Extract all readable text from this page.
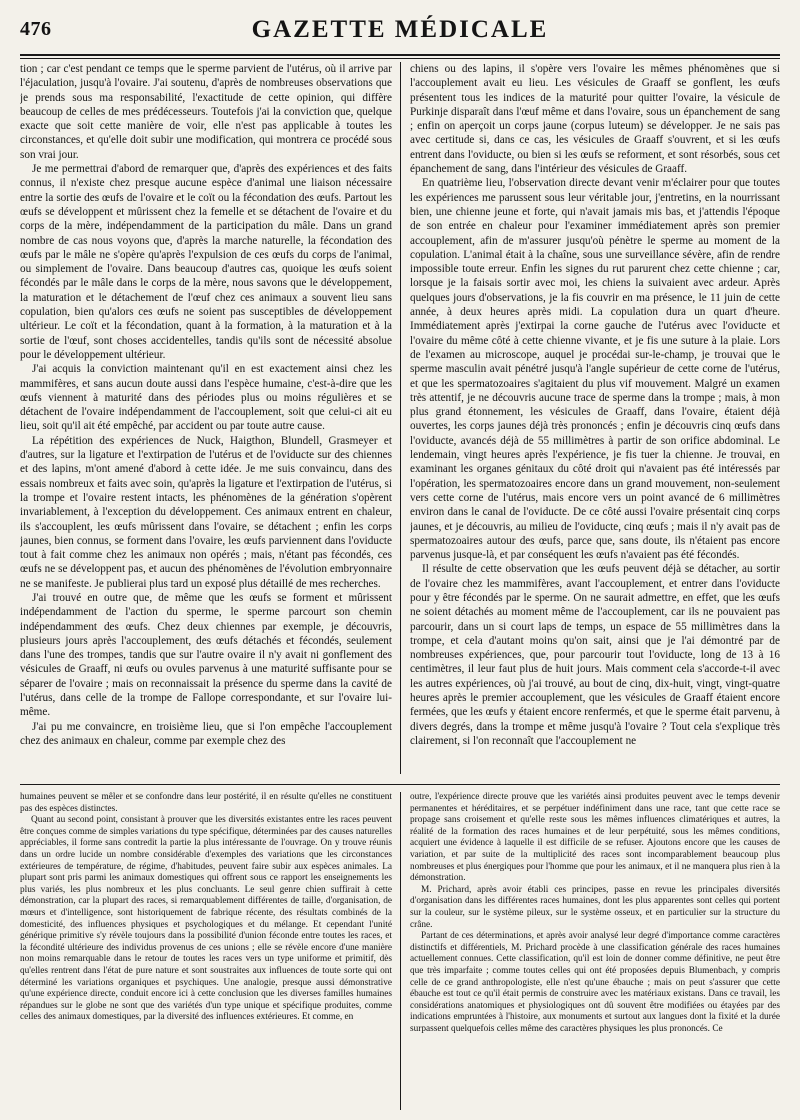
476	GAZETTE MÉDICALE

tion ; car c'est pendant ce temps que le sperme parvient de l'utérus, où il arrive par l'éjaculation, jusqu'à l'ovaire. J'ai soutenu, d'après de nombreuses observations que je prends sous ma responsabilité, l'exactitude de cette opinion, qui diffère beaucoup de celles de mes prédécesseurs. Toutefois j'ai la conviction que, quelque exacte que soit cette manière de voir, elle n'est pas applicable à toutes les circonstances, et qu'elle doit subir une modification, qui montrera ce procédé sous son vrai jour.

Je me permettrai d'abord de remarquer que, d'après des expériences et des faits connus, il n'existe chez presque aucune espèce d'animal une liaison nécessaire entre la sortie des œufs de l'ovaire et le coït ou la fécondation des œufs. Partout les œufs se développent et mûrissent chez la femelle et se détachent de l'ovaire et du corps de la mère, indépendamment de la participation du mâle. Dans un grand nombre de cas nous voyons que, d'après la marche naturelle, la fécondation des œufs par le mâle ne s'opère qu'après l'expulsion de ces œufs du corps de l'animal, ou simplement de l'ovaire. Dans beaucoup d'autres cas, quoique les œufs soient fécondés par le mâle dans le corps de la mère, nous savons que le développement, la maturation et le détachement de l'œuf chez ces animaux a souvent lieu sans copulation, bien qu'alors ces œufs ne soient pas susceptibles de développement ultérieur. Le coït et la fécondation, quant à la formation, à la maturation et à la sortie de l'œuf, sont choses accidentelles, tandis qu'ils sont de nécessité absolue pour le développement ultérieur.

J'ai acquis la conviction maintenant qu'il en est exactement ainsi chez les mammifères, et sans aucun doute aussi dans l'espèce humaine, c'est-à-dire que les œufs viennent à maturité dans des périodes plus ou moins régulières et se détachent de l'ovaire indépendamment de l'accouplement, soit que celui-ci ait eu lieu, soit qu'il ait été empêché, par accident ou par toute autre cause.

La répétition des expériences de Nuck, Haigthon, Blundell, Grasmeyer et d'autres, sur la ligature et l'extirpation de l'utérus et de l'oviducte sur des chiennes et des lapins, m'ont amené d'abord à cette idée. Je me suis convaincu, dans des essais nombreux et faits avec soin, qu'après la ligature et l'extirpation de l'utérus, si la trompe et l'ovaire restent intacts, les phénomènes de la génération s'opèrent invariablement, à l'exception du développement. Ces animaux entrent en chaleur, ils s'accouplent, les œufs mûrissent dans l'ovaire, se détachent ; enfin les corps jaunes, bien connus, se forment dans l'ovaire, les œufs parviennent dans l'oviducte tout à fait comme chez les animaux non opérés ; mais, n'étant pas fécondés, ces œufs ne se développent pas, et aucun des phénomènes de l'évolution embryonnaire ne se manifeste. Je publierai plus tard un exposé plus détaillé de mes recherches.

J'ai trouvé en outre que, de même que les œufs se forment et mûrissent indépendamment de l'action du sperme, le sperme parcourt son chemin indépendamment des œufs. Chez deux chiennes par exemple, je découvris, plusieurs jours après l'accouplement, des œufs détachés et fécondés, seulement dans l'une des trompes, tandis que sur l'autre ovaire il n'y avait ni gonflement des vésicules de Graaff, ni œufs ou ovules parvenus à une maturité suffisante pour se séparer de l'ovaire ; mais on reconnaissait la présence du sperme dans la cavité de l'utérus, dans celle de la trompe de Fallope correspondante, et sur l'ovaire lui-même.

J'ai pu me convaincre, en troisième lieu, que si l'on empêche l'accouplement chez des animaux en chaleur, comme par exemple chez des

chiens ou des lapins, il s'opère vers l'ovaire les mêmes phénomènes que si l'accouplement avait eu lieu. Les vésicules de Graaff se gonflent, les œufs présentent tous les indices de la maturité pour quitter l'ovaire, la vésicule de Purkinje disparaît dans l'œuf même et dans l'ovaire, sous un épanchement de sang ; enfin on aperçoit un corps jaune (corpus luteum) se développer. Je ne sais pas avec certitude si, dans ce cas, les vésicules de Graaff s'ouvrent, et si les œufs entrent dans l'oviducte, ou bien si les œufs se reforment, et sont résorbés, sous cet épanchement de sang, dans l'intérieur des vésicules de Graaff.

En quatrième lieu, l'observation directe devant venir m'éclairer pour que toutes les expériences me parussent sous leur véritable jour, j'entretins, en la nourrissant bien, une chienne jeune et forte, qui n'avait jamais mis bas, et j'attendis l'époque de son entrée en chaleur pour l'examiner immédiatement après son premier accouplement, afin de m'assurer jusqu'où pénètre le sperme au moment de la copulation. L'animal était à la chaîne, sous une surveillance sévère, afin de rendre impossible toute erreur. Enfin les signes du rut parurent chez cette chienne ; car, lorsque je la faisais sortir avec moi, les chiens la suivaient avec ardeur. Après quelques jours d'observations, je la fis couvrir en ma présence, le 11 juin de cette année, à deux heures après midi. La copulation dura un quart d'heure. Immédiatement après j'extirpai la corne gauche de l'utérus avec l'oviducte et l'ovaire du même côté à cette chienne vivante, et je fis une suture à la plaie. Lors de l'examen au microscope, auquel je procédai sur-le-champ, je trouvai que le sperme masculin avait pénétré jusqu'à l'angle supérieur de cette corne de l'utérus, et que les spermatozoaires s'agitaient du plus vif mouvement. Malgré un examen très attentif, je ne découvris aucune trace de sperme dans la trompe ; mais, à mon plus grand étonnement, les vésicules de Graaff, dans l'ovaire, étaient déjà ouvertes, les corps jaunes déjà très prononcés ; enfin je découvris cinq œufs dans l'oviducte, avancés déjà de 55 millimètres à partir de son orifice abdominal. Le lendemain, vingt heures après l'expérience, je fis tuer la chienne. Je trouvai, en examinant les organes génitaux du côté droit qui n'avaient pas été intéressés par l'opération, les spermatozoaires encore dans un grand mouvement, non-seulement vers cette corne de l'utérus, mais encore vers un point avancé de 6 millimètres environ dans le canal de l'oviducte. De ce côté aussi l'ovaire présentait cinq corps jaunes, et je découvris, au milieu de l'oviducte, cinq œufs ; mais il n'y avait pas de spermatozoaires autour des œufs, parce que, sans doute, ils n'étaient pas encore parvenus jusque-là, et par conséquent les œufs n'avaient pas été fécondés.

Il résulte de cette observation que les œufs peuvent déjà se détacher, au sortir de l'ovaire chez les mammifères, avant l'accouplement, et entrer dans l'oviducte pour y être fécondés par le sperme. On ne saurait admettre, en effet, que les œufs ne soient détachés au moment même de l'accouplement, car ils ne pouvaient pas parcourir, dans un si court laps de temps, un espace de 55 millimètres dans la trompe, et cela d'autant moins qu'on sait, ainsi que je l'ai démontré par de nombreuses expériences, que, pour parcourir tout l'oviducte, long de 13 à 16 centimètres, il leur faut plus de huit jours. Mais comment cela s'accorde-t-il avec les autres expériences, où j'ai trouvé, au bout de cinq, dix-huit, vingt, vingt-quatre heures après le premier accouplement, que les vésicules de Graaff étaient encore fermées, que les œufs y étaient encore renfermés, et que le sperme était parvenu, à divers degrés, dans la trompe et même jusqu'à l'ovaire ? Tout cela s'explique très clairement, si l'on reconnaît que l'accouplement ne

humaines peuvent se mêler et se confondre dans leur postérité, il en résulte qu'elles ne constituent pas des espèces distinctes.

Quant au second point, consistant à prouver que les diversités existantes entre les races peuvent être conçues comme de simples variations du type spécifique, déterminées par des causes naturelles appréciables, il forme sans contredit la partie la plus intéressante de l'ouvrage. On y trouve réunis dans un ordre lucide un nombre considérable d'exemples des variations que les circonstances extérieures de température, de régime, d'habitudes, peuvent faire subir aux espèces animales. La plupart sont pris parmi les animaux domestiques qui offrent sous ce rapport les enseignements les plus variés, les plus nombreux et les plus concluants. Le seul genre chien suffirait à cette démonstration, car la plupart des races, si remarquablement différentes de taille, d'organisation, de mœurs et d'intelligence, sont historiquement de fabrique récente, des résultats combinés de la domesticité, des influences physiques et psychologiques et du mélange. Et cependant l'unité générique primitive s'y révèle toujours dans la possibilité d'union féconde entre toutes les races, et la fécondité ultérieure des individus provenus de ces unions ; elle se révèle encore d'une manière non moins remarquable dans le retour de toutes les races vers un type uniforme et primitif, dès qu'elles rentrent dans l'état de pure nature et sont soustraites aux influences de toute sorte qui ont déterminé les variations organiques et psychiques. Une analogie, presque aussi démonstrative qu'une expérience directe, conduit encore ici à cette conclusion que les diverses familles humaines répandues sur le globe ne sont que des variétés d'un type unique et spécifique produites, comme celles des animaux domestiques, par la diversité des influences extérieures. Et comme, en

outre, l'expérience directe prouve que les variétés ainsi produites peuvent avec le temps devenir permanentes et héréditaires, et se perpétuer indéfiniment dans une race, tant que cette race se propage sans croisement et qu'elle reste sous les mêmes influences climatériques et autres, la réalité de la formation des races humaines et de leur perpétuité, sous les mêmes conditions, acquiert une évidence à laquelle il est difficile de se refuser. Ajoutons encore que les causes de variation, et par suite de la multiplicité des races sont incomparablement beaucoup plus nombreuses et plus énergiques pour l'homme que pour les animaux, et il ne manquera plus rien à la démonstration.

M. Prichard, après avoir établi ces principes, passe en revue les principales diversités d'organisation dans les différentes races humaines, dont les plus apparentes sont celles qui portent sur la couleur, sur le système pileux, sur le système osseux, et en particulier sur la structure du crâne.

Partant de ces déterminations, et après avoir analysé leur degré d'importance comme caractères distinctifs et différentiels, M. Prichard procède à une classification générale des races humaines actuellement connues. Cette classification, qu'il est loin de donner comme définitive, ne peut être que très imparfaite ; comme toutes celles qui ont été proposées depuis Blumenbach, y compris celle de ce grand anthropologiste, elle n'est qu'une ébauche ; mais on peut s'assurer que cette ébauche est tout ce qu'il était permis de construire avec les matériaux existans. Dans ce travail, les considérations anatomiques et physiologiques ont dû souvent être modifiées ou étayées par des indications empruntées à l'histoire, aux monuments et surtout aux langues dont la fixité et la durée surpassent quelquefois celles même des caractères physiques les plus prononcés. Ce
